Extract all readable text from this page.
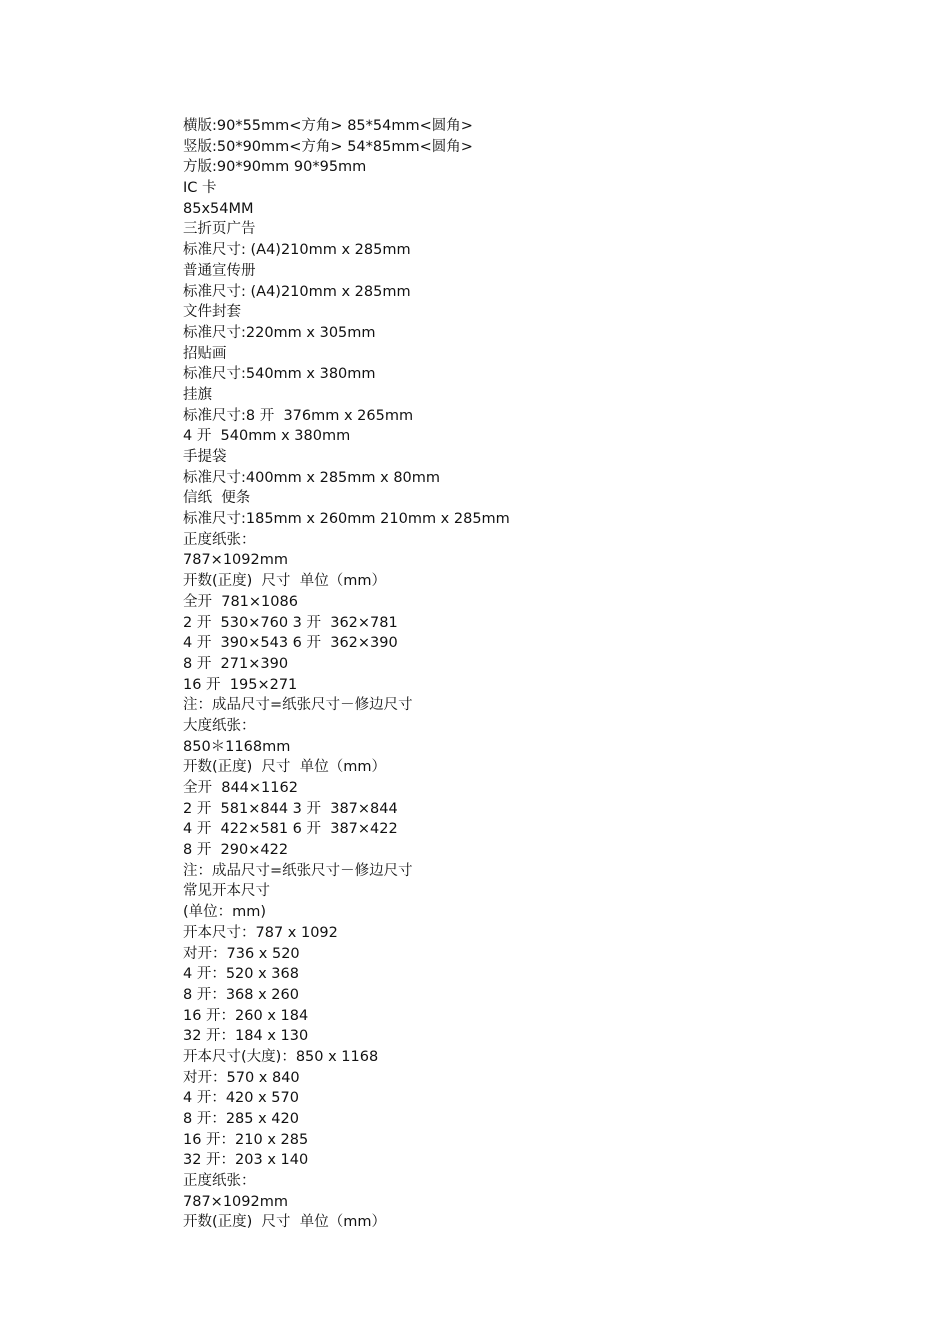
横版:90*55mm<方角> 85*54mm<圆角>
竖版:50*90mm<方角> 54*85mm<圆角>
方版:90*90mm 90*95mm
IC 卡
85x54MM
三折页广告
标准尺寸: (A4)210mm x 285mm
普通宣传册
标准尺寸: (A4)210mm x 285mm
文件封套
标准尺寸:220mm x 305mm
招贴画
标准尺寸:540mm x 380mm
挂旗
标准尺寸:8 开  376mm x 265mm
4 开  540mm x 380mm
手提袋
标准尺寸:400mm x 285mm x 80mm
信纸  便条
标准尺寸:185mm x 260mm 210mm x 285mm
正度纸张：
787×1092mm
开数(正度)  尺寸  单位（mm）
全开  781×1086
2 开  530×760 3 开  362×781
4 开  390×543 6 开  362×390
8 开  271×390
16 开  195×271
注：成品尺寸=纸张尺寸－修边尺寸
大度纸张：
850＊1168mm
开数(正度)  尺寸  单位（mm）
全开  844×1162
2 开  581×844 3 开  387×844
4 开  422×581 6 开  387×422
8 开  290×422
注：成品尺寸=纸张尺寸－修边尺寸
常见开本尺寸
(单位：mm)
开本尺寸：787 x 1092
对开：736 x 520
4 开：520 x 368
8 开：368 x 260
16 开：260 x 184
32 开：184 x 130
开本尺寸(大度)：850 x 1168
对开：570 x 840
4 开：420 x 570
8 开：285 x 420
16 开：210 x 285
32 开：203 x 140
正度纸张：
787×1092mm
开数(正度)  尺寸  单位（mm）
